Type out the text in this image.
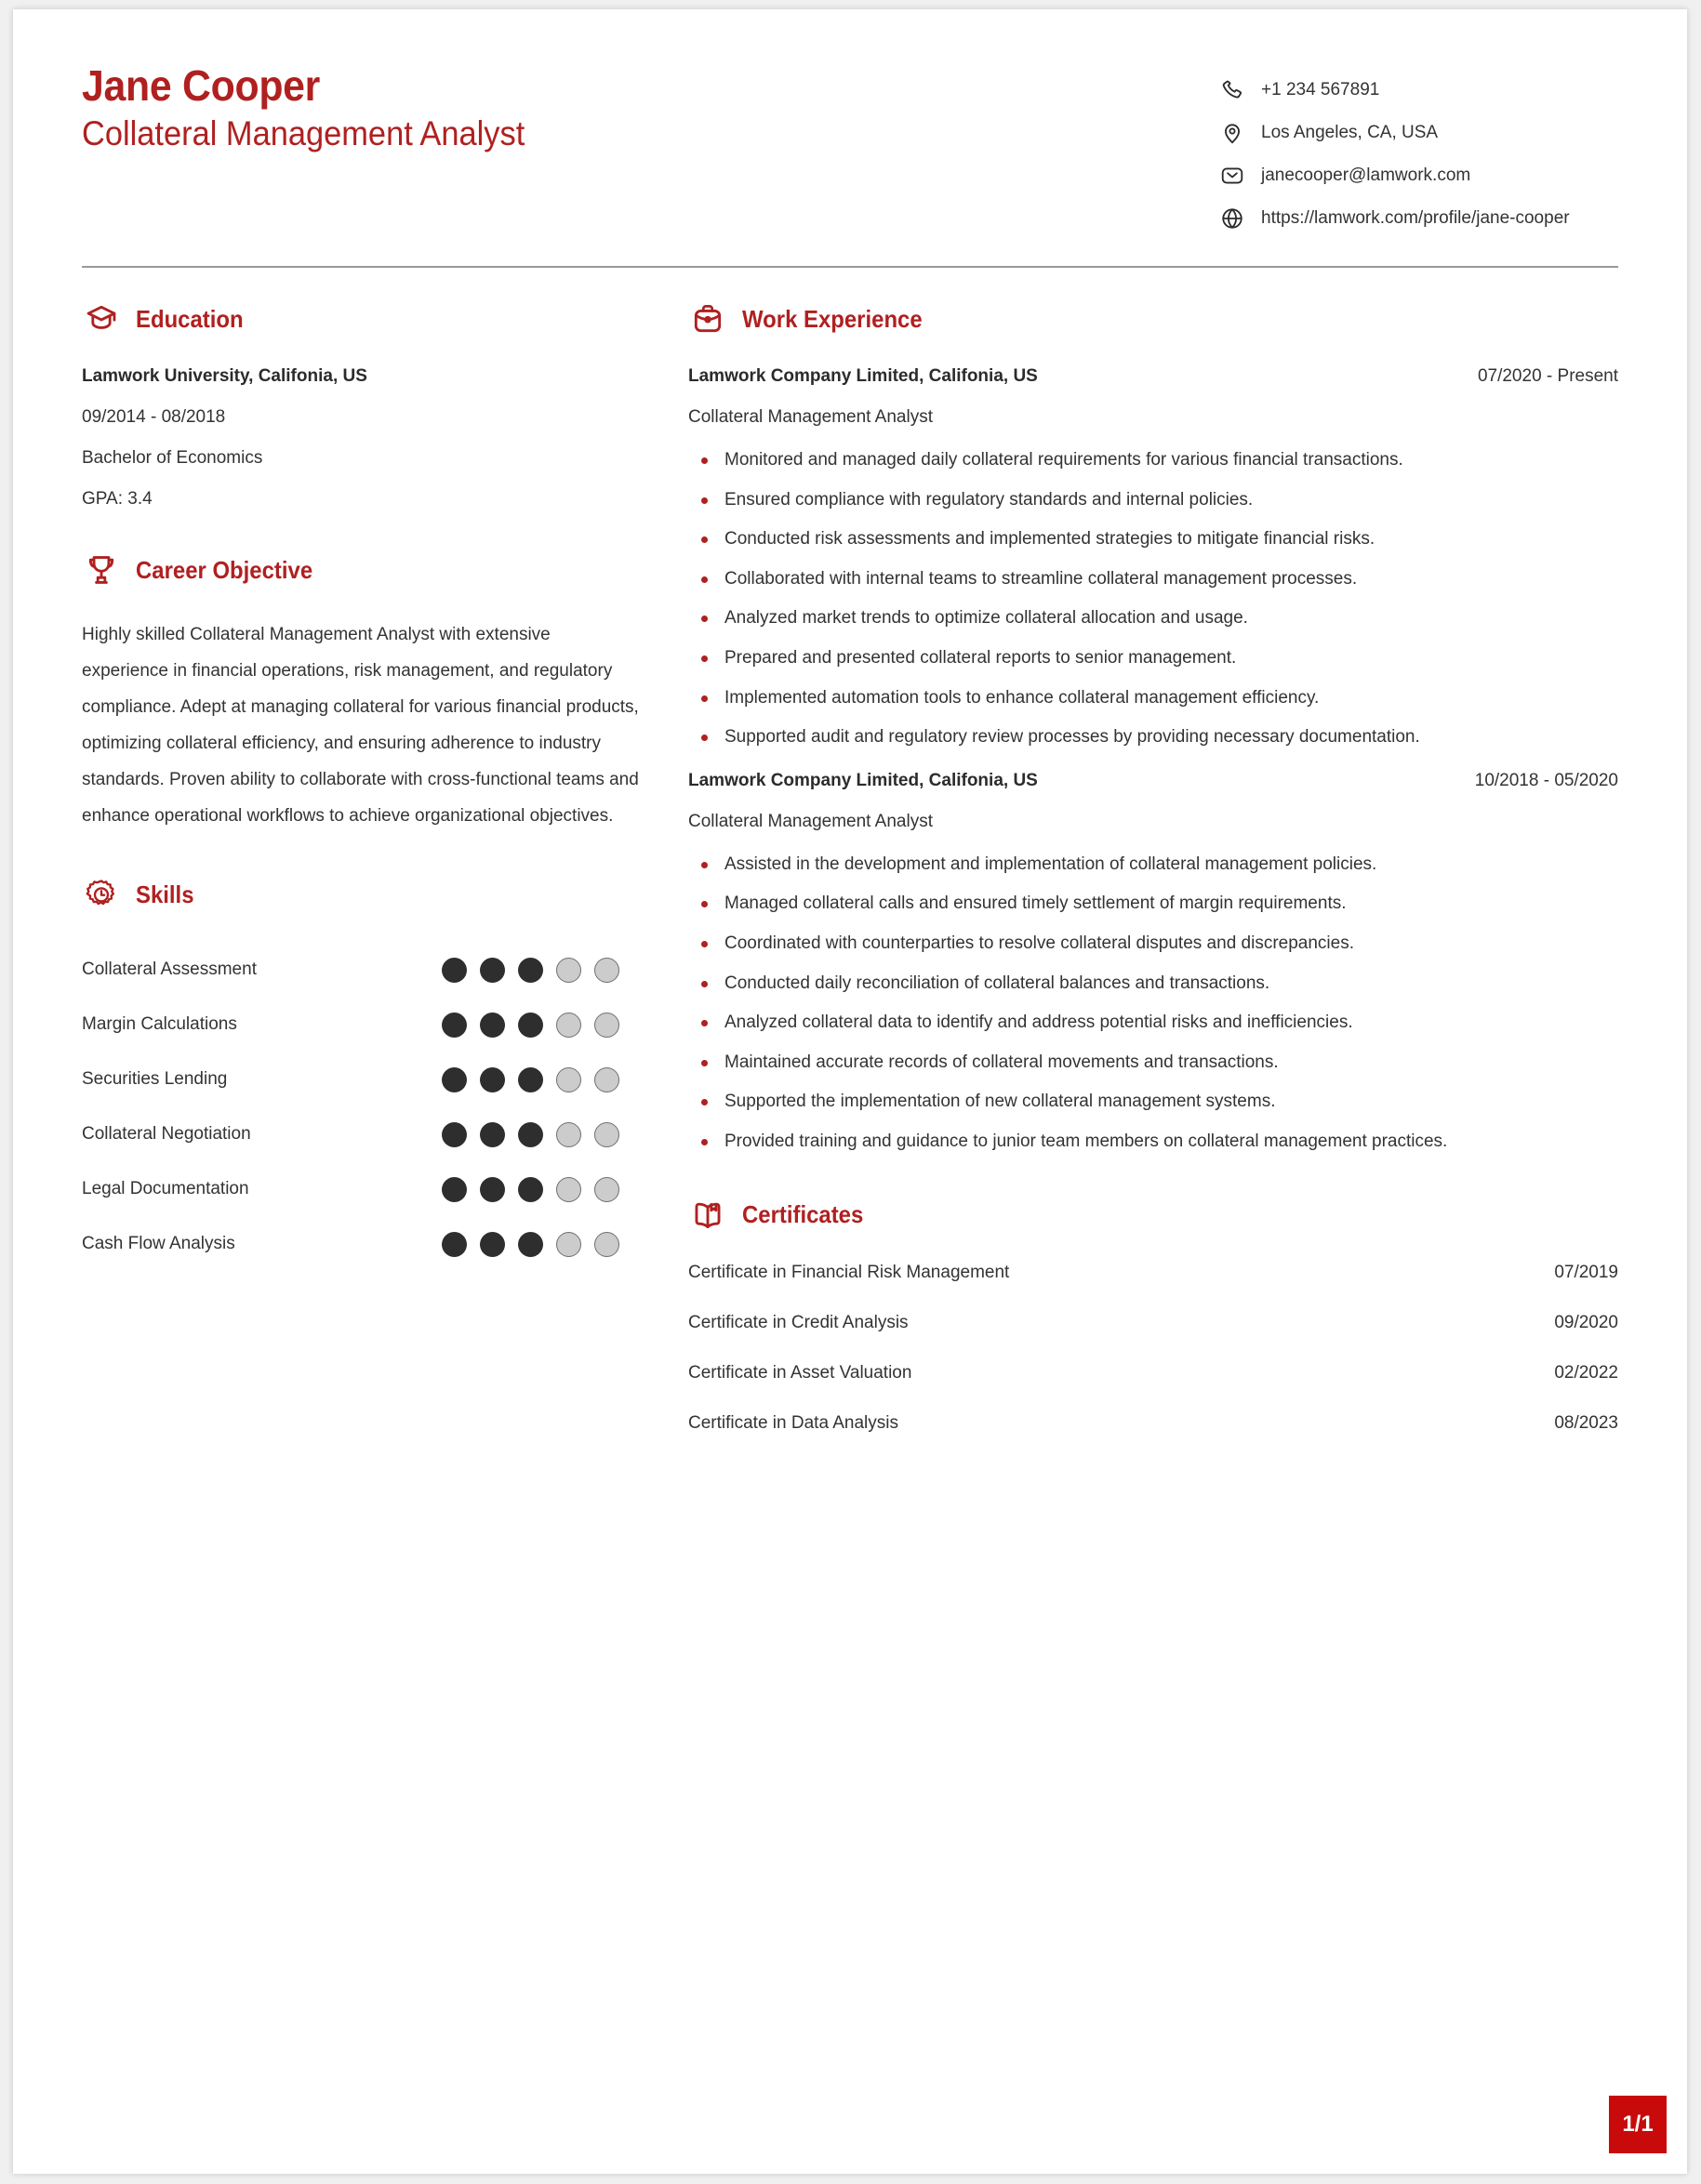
Jane Cooper
Collateral Management Analyst
+1 234 567891
Los Angeles, CA, USA
janecooper@lamwork.com
https://lamwork.com/profile/jane-cooper
Education
Lamwork University, Califonia, US
09/2014 - 08/2018
Bachelor of Economics
GPA: 3.4
Career Objective
Highly skilled Collateral Management Analyst with extensive experience in financial operations, risk management, and regulatory compliance. Adept at managing collateral for various financial products, optimizing collateral efficiency, and ensuring adherence to industry standards. Proven ability to collaborate with cross-functional teams and enhance operational workflows to achieve organizational objectives.
Skills
Collateral Assessment
Margin Calculations
Securities Lending
Collateral Negotiation
Legal Documentation
Cash Flow Analysis
Work Experience
Lamwork Company Limited, Califonia, US	07/2020 - Present
Collateral Management Analyst
Monitored and managed daily collateral requirements for various financial transactions.
Ensured compliance with regulatory standards and internal policies.
Conducted risk assessments and implemented strategies to mitigate financial risks.
Collaborated with internal teams to streamline collateral management processes.
Analyzed market trends to optimize collateral allocation and usage.
Prepared and presented collateral reports to senior management.
Implemented automation tools to enhance collateral management efficiency.
Supported audit and regulatory review processes by providing necessary documentation.
Lamwork Company Limited, Califonia, US	10/2018 - 05/2020
Collateral Management Analyst
Assisted in the development and implementation of collateral management policies.
Managed collateral calls and ensured timely settlement of margin requirements.
Coordinated with counterparties to resolve collateral disputes and discrepancies.
Conducted daily reconciliation of collateral balances and transactions.
Analyzed collateral data to identify and address potential risks and inefficiencies.
Maintained accurate records of collateral movements and transactions.
Supported the implementation of new collateral management systems.
Provided training and guidance to junior team members on collateral management practices.
Certificates
Certificate in Financial Risk Management	07/2019
Certificate in Credit Analysis	09/2020
Certificate in Asset Valuation	02/2022
Certificate in Data Analysis	08/2023
1/1
